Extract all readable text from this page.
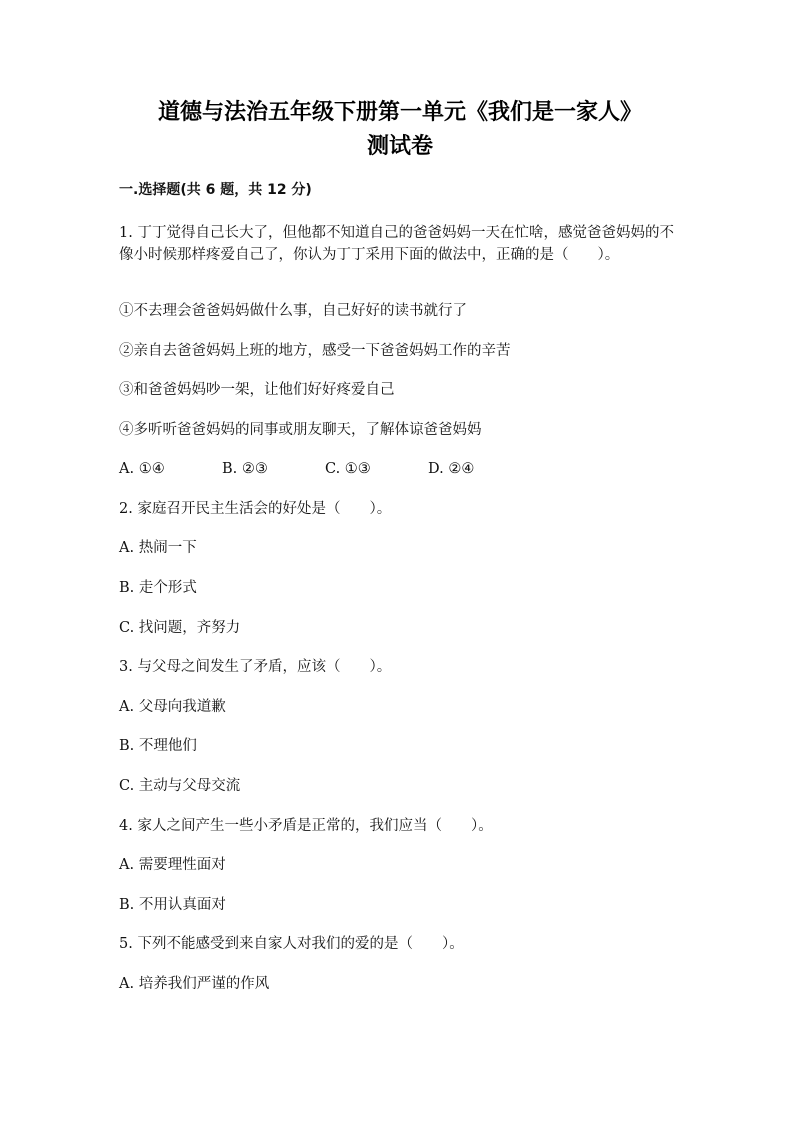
道德与法治五年级下册第一单元《我们是一家人》
测试卷
一.选择题(共 6 题，共 12 分)
1. 丁丁觉得自己长大了，但他都不知道自己的爸爸妈妈一天在忙啥，感觉爸爸妈妈的不像小时候那样疼爱自己了，你认为丁丁采用下面的做法中，正确的是（　　）。
①不去理会爸爸妈妈做什么事，自己好好的读书就行了
②亲自去爸爸妈妈上班的地方，感受一下爸爸妈妈工作的辛苦
③和爸爸妈妈吵一架，让他们好好疼爱自己
④多听听爸爸妈妈的同事或朋友聊天，了解体谅爸爸妈妈
A. ①④	B. ②③	C. ①③	D. ②④
2. 家庭召开民主生活会的好处是（　　）。
A. 热闹一下
B. 走个形式
C. 找问题，齐努力
3. 与父母之间发生了矛盾，应该（　　）。
A. 父母向我道歉
B. 不理他们
C. 主动与父母交流
4. 家人之间产生一些小矛盾是正常的，我们应当（　　）。
A. 需要理性面对
B. 不用认真面对
5. 下列不能感受到来自家人对我们的爱的是（　　）。
A. 培养我们严谨的作风
